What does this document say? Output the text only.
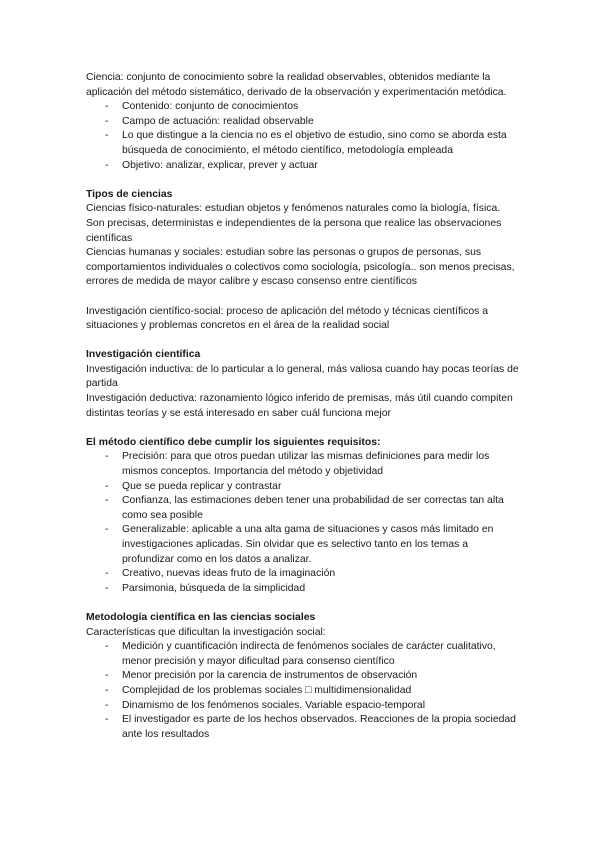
Ciencia: conjunto de conocimiento sobre la realidad observables, obtenidos mediante la aplicación del método sistemático, derivado de la observación y experimentación metódica.

- Contenido: conjunto de conocimientos
- Campo de actuación: realidad observable
- Lo que distingue a la ciencia no es el objetivo de estudio, sino como se aborda esta búsqueda de conocimiento, el método científico, metodología empleada
- Objetivo: analizar, explicar, prever y actuar

Tipos de ciencias

Ciencias físico-naturales: estudian objetos y fenómenos naturales como la biología, física. Son precisas, deterministas e independientes de la persona que realice las observaciones científicas

Ciencias humanas y sociales: estudian sobre las personas o grupos de personas, sus comportamientos individuales o colectivos como sociología, psicología.. son menos precisas, errores de medida de mayor calibre y escaso consenso entre científicos

Investigación científico-social: proceso de aplicación del método y técnicas científicos a situaciones y problemas concretos en el área de la realidad social

Investigación científica

Investigación inductiva: de lo particular a lo general, más valiosa cuando hay pocas teorías de partida

Investigación deductiva: razonamiento lógico inferido de premisas, más útil cuando compiten distintas teorías y se está interesado en saber cuál funciona mejor

El método científico debe cumplir los siguientes requisitos:

- Precisión: para que otros puedan utilizar las mismas definiciones para medir los mismos conceptos. Importancia del método y objetividad
- Que se pueda replicar y contrastar
- Confianza, las estimaciones deben tener una probabilidad de ser correctas tan alta como sea posible
- Generalizable: aplicable a una alta gama de situaciones y casos más limitado en investigaciones aplicadas. Sin olvidar que es selectivo tanto en los temas a profundizar como en los datos a analizar.
- Creativo, nuevas ideas fruto de la imaginación
- Parsimonia, búsqueda de la simplicidad

Metodología científica en las ciencias sociales

Características que dificultan la investigación social:

- Medición y cuantificación indirecta de fenómenos sociales de carácter cualitativo, menor precisión y mayor dificultad para consenso científico
- Menor precisión por la carencia de instrumentos de observación
- Complejidad de los problemas sociales □ multidimensionalidad
- Dinamismo de los fenómenos sociales. Variable espacio-temporal
- El investigador es parte de los hechos observados. Reacciones de la propia sociedad ante los resultados
